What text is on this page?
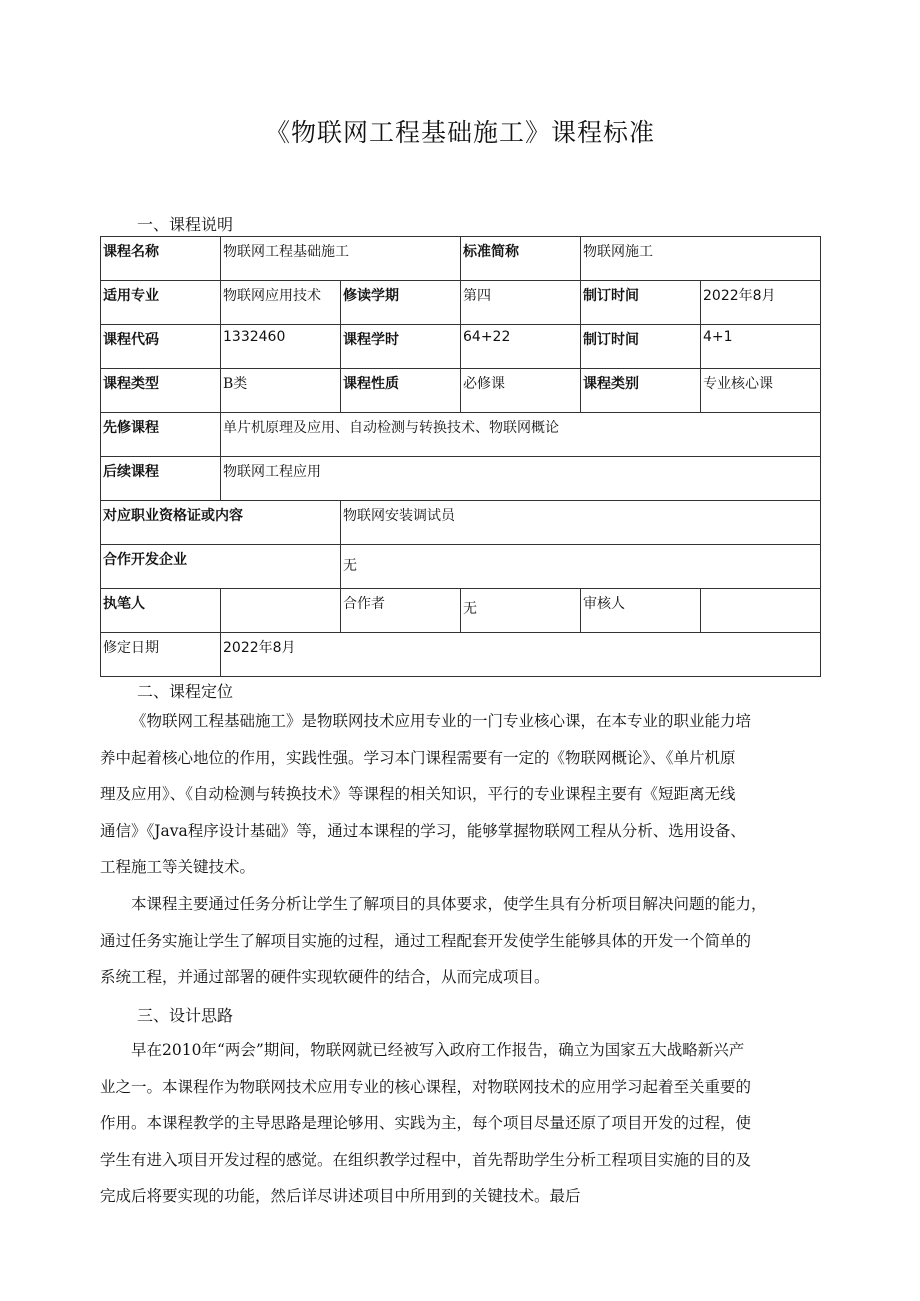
《物联网工程基础施工》课程标准
一、课程说明
课程名称	物联网工程基础施工		标准简称	物联网施工	
适用专业	物联网应用技术	修读学期	第四	制订时间	2022年8月
课程代码	1332460	课程学时	64+22	制订时间	4+1
课程类型	B类	课程性质	必修课	课程类别	专业核心课
先修课程	单片机原理及应用、自动检测与转换技术、物联网概论				
后续课程	物联网工程应用				
对应职业资格证或内容		物联网安装调试员			
合作开发企业		无			
执笔人		合作者	无	审核人	
修定日期	2022年8月				
二、课程定位
《物联网工程基础施工》是物联网技术应用专业的一门专业核心课，在本专业的职业能力培
养中起着核心地位的作用，实践性强。学习本门课程需要有一定的《物联网概论》、《单片机原
理及应用》、《自动检测与转换技术》等课程的相关知识，平行的专业课程主要有《短距离无线
通信》《Java程序设计基础》等，通过本课程的学习，能够掌握物联网工程从分析、选用设备、
工程施工等关键技术。
本课程主要通过任务分析让学生了解项目的具体要求，使学生具有分析项目解决问题的能力，
通过任务实施让学生了解项目实施的过程，通过工程配套开发使学生能够具体的开发一个简单的
系统工程，并通过部署的硬件实现软硬件的结合，从而完成项目。
三、设计思路
早在2010年“两会”期间，物联网就已经被写入政府工作报告，确立为国家五大战略新兴产
业之一。本课程作为物联网技术应用专业的核心课程，对物联网技术的应用学习起着至关重要的
作用。本课程教学的主导思路是理论够用、实践为主，每个项目尽量还原了项目开发的过程，使
学生有进入项目开发过程的感觉。在组织教学过程中，首先帮助学生分析工程项目实施的目的及
完成后将要实现的功能，然后详尽讲述项目中所用到的关键技术。最后
